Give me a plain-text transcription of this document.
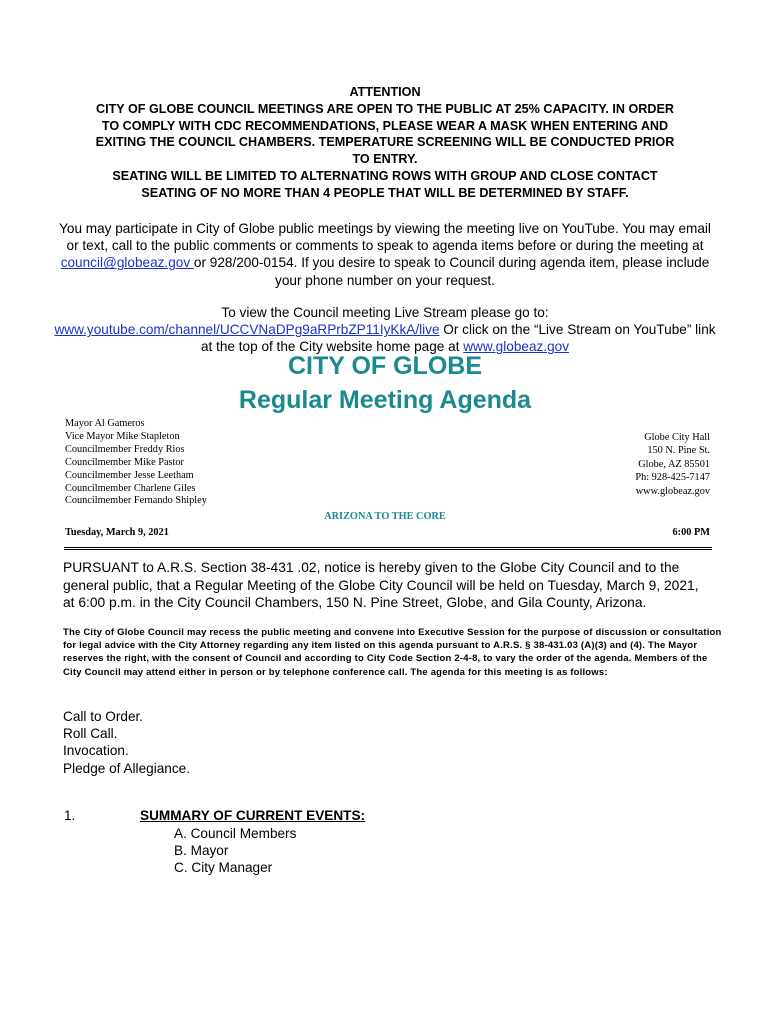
ATTENTION
CITY OF GLOBE COUNCIL MEETINGS ARE OPEN TO THE PUBLIC AT 25% CAPACITY. IN ORDER
TO COMPLY WITH CDC RECOMMENDATIONS, PLEASE WEAR A MASK WHEN ENTERING AND
EXITING THE COUNCIL CHAMBERS. TEMPERATURE SCREENING WILL BE CONDUCTED PRIOR
TO ENTRY.
SEATING WILL BE LIMITED TO ALTERNATING ROWS WITH GROUP AND CLOSE CONTACT
SEATING OF NO MORE THAN 4 PEOPLE THAT WILL BE DETERMINED BY STAFF.
You may participate in City of Globe public meetings by viewing the meeting live on YouTube. You may email or text, call to the public comments or comments to speak to agenda items before or during the meeting at council@globeaz.gov or 928/200-0154. If you desire to speak to Council during agenda item, please include your phone number on your request.
To view the Council meeting Live Stream please go to:
www.youtube.com/channel/UCCVNaDPg9aRPrbZP11IyKkA/live Or click on the “Live Stream on YouTube” link at the top of the City website home page at www.globeaz.gov
CITY OF GLOBE
Regular Meeting Agenda
Mayor Al Gameros
Vice Mayor Mike Stapleton
Councilmember Freddy Rios
Councilmember Mike Pastor
Councilmember Jesse Leetham
Councilmember Charlene Giles
Councilmember Fernando Shipley
Globe City Hall
150 N. Pine St.
Globe, AZ 85501
Ph: 928-425-7147
www.globeaz.gov
ARIZONA TO THE CORE
Tuesday, March 9, 2021	6:00 PM
PURSUANT to A.R.S. Section 38-431 .02, notice is hereby given to the Globe City Council and to the general public, that a Regular Meeting of the Globe City Council will be held on Tuesday, March 9, 2021, at 6:00 p.m. in the City Council Chambers, 150 N. Pine Street, Globe, and Gila County, Arizona.
The City of Globe Council may recess the public meeting and convene into Executive Session for the purpose of discussion or consultation for legal advice with the City Attorney regarding any item listed on this agenda pursuant to A.R.S. § 38-431.03 (A)(3) and (4). The Mayor reserves the right, with the consent of Council and according to City Code Section 2-4-8, to vary the order of the agenda. Members of the City Council may attend either in person or by telephone conference call. The agenda for this meeting is as follows:
Call to Order.
Roll Call.
Invocation.
Pledge of Allegiance.
1.	SUMMARY OF CURRENT EVENTS:
A. Council Members
B. Mayor
C. City Manager
